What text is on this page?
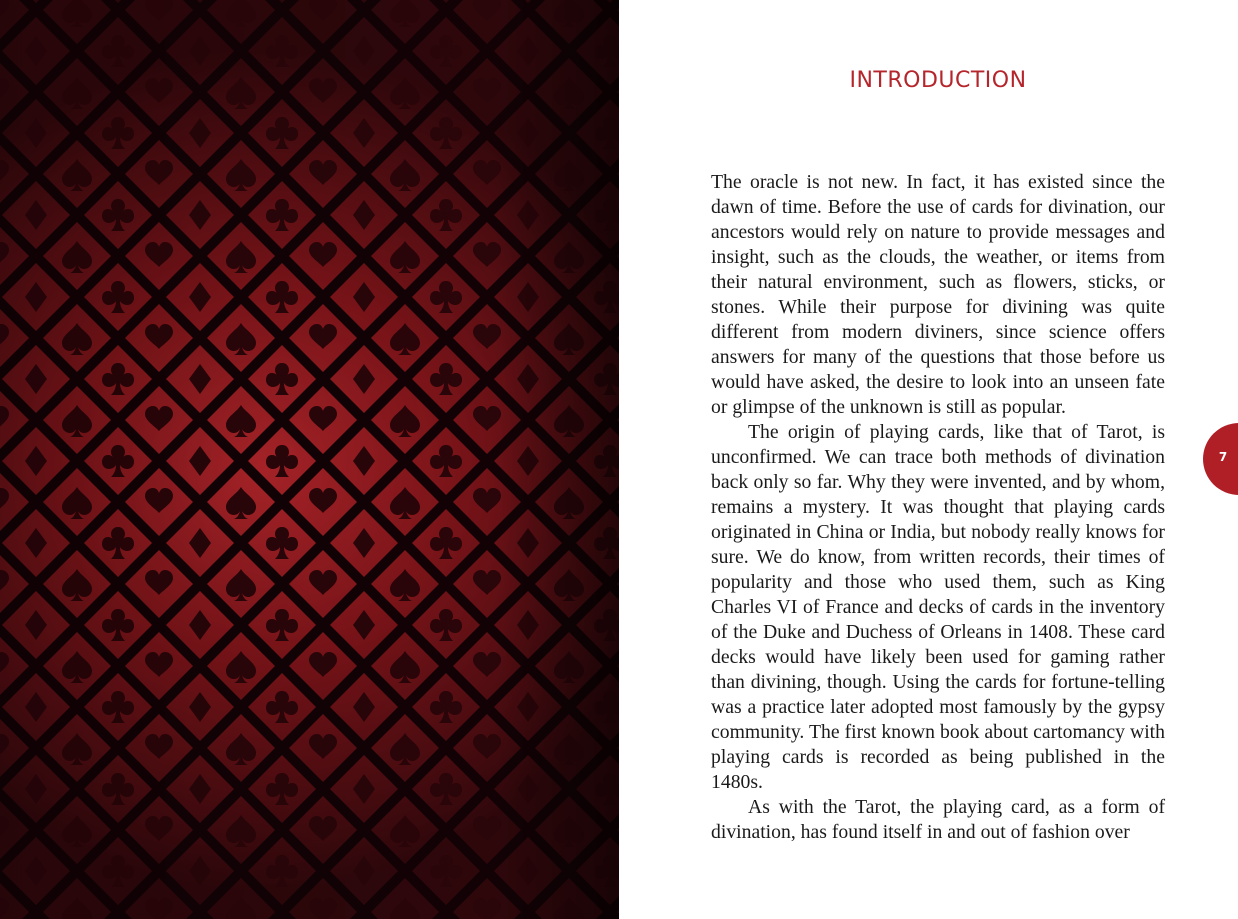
INTRODUCTION

The oracle is not new. In fact, it has existed since the dawn of time. Before the use of cards for divination, our ancestors would rely on nature to provide messages and insight, such as the clouds, the weather, or items from their natural environment, such as flowers, sticks, or stones. While their purpose for divining was quite different from modern diviners, since science offers answers for many of the questions that those before us would have asked, the desire to look into an unseen fate or glimpse of the unknown is still as popular.

The origin of playing cards, like that of Tarot, is unconfirmed. We can trace both methods of divination back only so far. Why they were invented, and by whom, remains a mystery. It was thought that playing cards originated in China or India, but nobody really knows for sure. We do know, from written records, their times of popularity and those who used them, such as King Charles VI of France and decks of cards in the inventory of the Duke and Duchess of Orleans in 1408. These card decks would have likely been used for gaming rather than divining, though. Using the cards for fortune-telling was a practice later adopted most famously by the gypsy community. The first known book about cartomancy with playing cards is recorded as being published in the 1480s.

As with the Tarot, the playing card, as a form of divination, has found itself in and out of fashion over

7
